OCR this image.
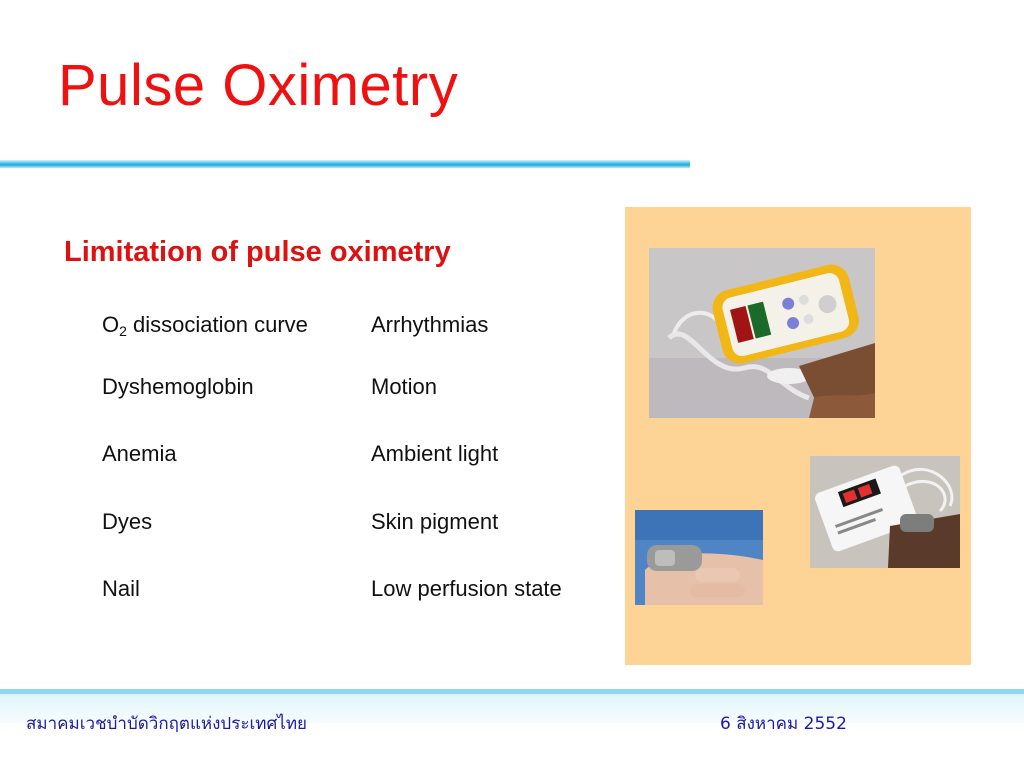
Pulse Oximetry
Limitation of pulse oximetry
$O_2$ dissociation curve
Dyshemoglobin
Anemia
Dyes
Nail
Arrhythmias
Motion
Ambient light
Skin pigment
Low perfusion state
สมาคมเวชบำบัดวิกฤตแห่งประเทศไทย	6 สิงหาคม 2552
